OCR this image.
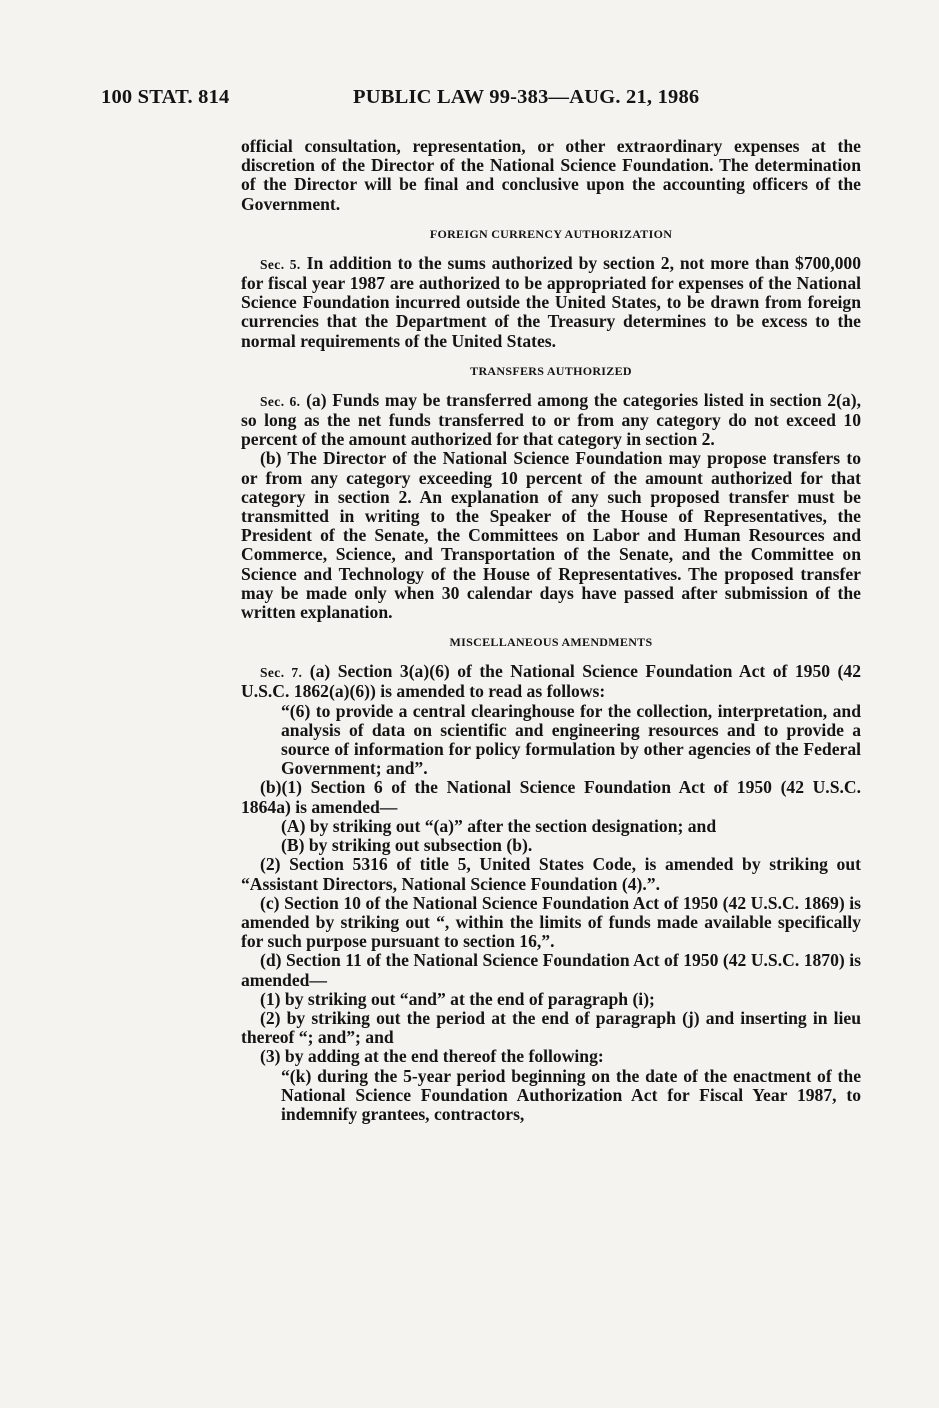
100 STAT. 814	PUBLIC LAW 99-383—AUG. 21, 1986

official consultation, representation, or other extraordinary expenses at the discretion of the Director of the National Science Foundation. The determination of the Director will be final and conclusive upon the accounting officers of the Government.

FOREIGN CURRENCY AUTHORIZATION

Sec. 5. In addition to the sums authorized by section 2, not more than $700,000 for fiscal year 1987 are authorized to be appropriated for expenses of the National Science Foundation incurred outside the United States, to be drawn from foreign currencies that the Department of the Treasury determines to be excess to the normal requirements of the United States.

TRANSFERS AUTHORIZED

Sec. 6. (a) Funds may be transferred among the categories listed in section 2(a), so long as the net funds transferred to or from any category do not exceed 10 percent of the amount authorized for that category in section 2.

(b) The Director of the National Science Foundation may propose transfers to or from any category exceeding 10 percent of the amount authorized for that category in section 2. An explanation of any such proposed transfer must be transmitted in writing to the Speaker of the House of Representatives, the President of the Senate, the Committees on Labor and Human Resources and Commerce, Science, and Transportation of the Senate, and the Committee on Science and Technology of the House of Representatives. The proposed transfer may be made only when 30 calendar days have passed after submission of the written explanation.

MISCELLANEOUS AMENDMENTS

Sec. 7. (a) Section 3(a)(6) of the National Science Foundation Act of 1950 (42 U.S.C. 1862(a)(6)) is amended to read as follows:

“(6) to provide a central clearinghouse for the collection, interpretation, and analysis of data on scientific and engineering resources and to provide a source of information for policy formulation by other agencies of the Federal Government; and”.

(b)(1) Section 6 of the National Science Foundation Act of 1950 (42 U.S.C. 1864a) is amended—

(A) by striking out “(a)” after the section designation; and

(B) by striking out subsection (b).

(2) Section 5316 of title 5, United States Code, is amended by striking out “Assistant Directors, National Science Foundation (4).”.

(c) Section 10 of the National Science Foundation Act of 1950 (42 U.S.C. 1869) is amended by striking out “, within the limits of funds made available specifically for such purpose pursuant to section 16,”.

(d) Section 11 of the National Science Foundation Act of 1950 (42 U.S.C. 1870) is amended—

(1) by striking out “and” at the end of paragraph (i);

(2) by striking out the period at the end of paragraph (j) and inserting in lieu thereof “; and”; and

(3) by adding at the end thereof the following:

“(k) during the 5-year period beginning on the date of the enactment of the National Science Foundation Authorization Act for Fiscal Year 1987, to indemnify grantees, contractors,
